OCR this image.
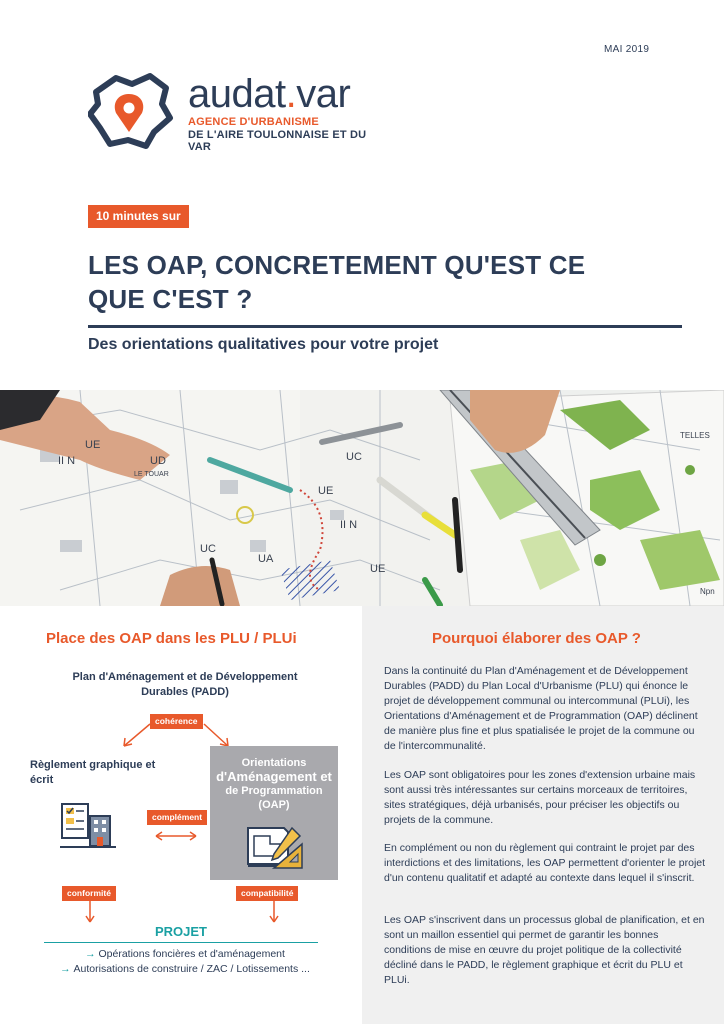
MAI 2019
audat.var
AGENCE D'URBANISME
DE L'AIRE TOULONNAISE ET DU VAR
10 minutes sur
LES OAP, CONCRETEMENT QU'EST CE
QUE C'EST ?
Des orientations qualitatives pour votre projet
II N
UE
UD
LE TOUAR
UC
UE
II N
UC
UA
UE
TELLES
Npn
Place des OAP dans les PLU / PLUi
Plan d'Aménagement et de Développement Durables (PADD)
cohérence
Règlement graphique et écrit
complément
Orientations
d'Aménagement et
de Programmation
(OAP)
conformité	compatibilité
PROJET
→ Opérations foncières et d'aménagement
→ Autorisations de construire / ZAC / Lotissements ...
Pourquoi élaborer des OAP ?
Dans la continuité du Plan d'Aménagement et de Développement Durables (PADD) du Plan Local d'Urbanisme (PLU) qui énonce le projet de développement communal ou intercommunal (PLUi), les Orientations d'Aménagement et de Programmation (OAP) déclinent de manière plus fine et plus spatialisée le projet de la commune ou de l'intercommunalité.
Les OAP sont obligatoires pour les zones d'extension urbaine mais sont aussi très intéressantes sur certains morceaux de territoires, sites stratégiques, déjà urbanisés, pour préciser les objectifs ou projets de la commune.
En complément ou non du règlement qui contraint le projet par des interdictions et des limitations, les OAP permettent d'orienter le projet d'un contenu qualitatif et adapté au contexte dans lequel il s'inscrit.
Les OAP s'inscrivent dans un processus global de planification, et en sont un maillon essentiel qui permet de garantir les bonnes conditions de mise en œuvre du projet politique de la collectivité décliné dans le PADD, le règlement graphique et écrit du PLU et PLUi.
